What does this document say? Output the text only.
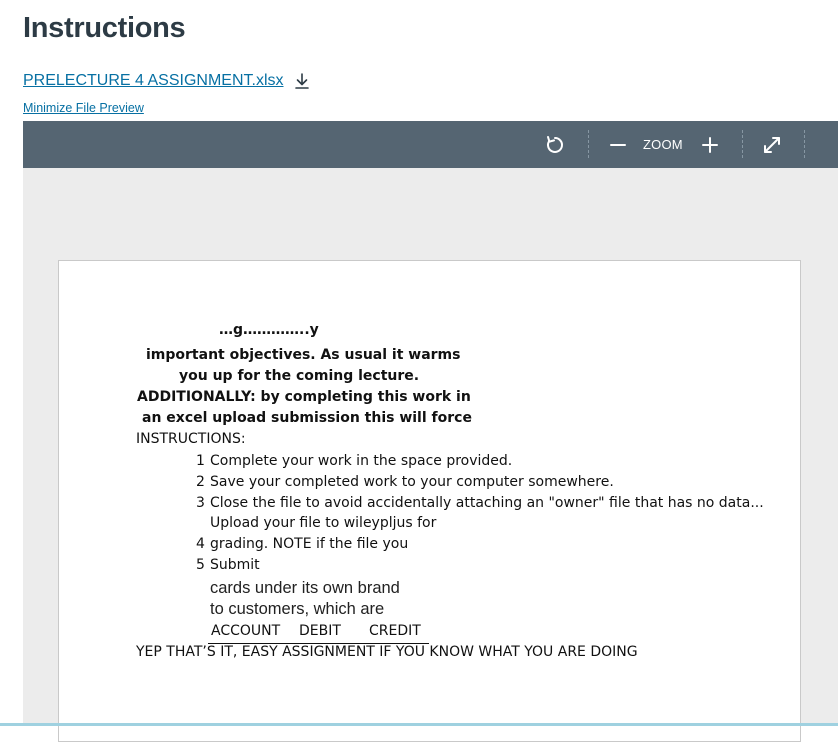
Instructions
PRELECTURE 4 ASSIGNMENT.xlsx
Minimize File Preview
ZOOM
…g…………..y
important objectives. As usual it warms
you up for the coming lecture.
ADDITIONALLY: by completing this work in
an excel upload submission this will force
INSTRUCTIONS:
1 Complete your work in the space provided.
2 Save your completed work to your computer somewhere.
3 Close the file to avoid accidentally attaching an "owner" file that has no data...
Upload your file to wileypljus for
4 grading. NOTE if the file you
5 Submit
cards under its own brand
to customers, which are
ACCOUNT DEBIT CREDIT
YEP THAT’S IT, EASY ASSIGNMENT IF YOU KNOW WHAT YOU ARE DOING
